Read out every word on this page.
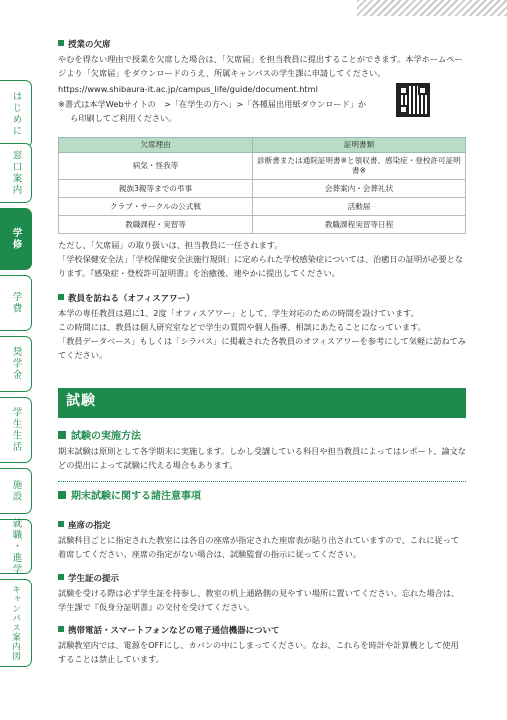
はじめに
窓口案内
学修
学費
奨学金
学生生活
施設
就職・進学
キャンパス案内図
授業の欠席

やむを得ない理由で授業を欠席した場合は、「欠席届」を担当教員に提出することができます。本学ホームページより「欠席届」をダウンロードのうえ、所属キャンパスの学生課に申請してください。

https://www.shibaura-it.ac.jp/campus_life/guide/document.html

※書式は本学Webサイトの　>「在学生の方へ」>「各種届出用紙ダウンロード」から印刷してご利用ください。

欠席理由	証明書類
病気・怪我等	診断書または通院証明書※と領収書、感染症・登校許可証明書※
親族3親等までの弔事	会葬案内・会葬礼状
クラブ・サークルの公式戦	活動届
教職課程・実習等	教職課程実習等日程

ただし、「欠席届」の取り扱いは、担当教員に一任されます。

「学校保健安全法」「学校保健安全法施行規則」に定められた学校感染症については、治癒日の証明が必要となります。『感染症・登校許可証明書』を治癒後、速やかに提出してください。

教員を訪ねる（オフィスアワー）

本学の専任教員は週に1、2度「オフィスアワー」として、学生対応のための時間を設けています。

この時間には、教員は個人研究室などで学生の質問や個人指導、相談にあたることになっています。

「教員データベース」もしくは「シラバス」に掲載された各教員のオフィスアワーを参考にして気軽に訪ねてみてください。

試験
試験の実施方法

期末試験は原則として各学期末に実施します。しかし受講している科目や担当教員によってはレポート、論文などの提出によって試験に代える場合もあります。

期末試験に関する諸注意事項
座席の指定

試験科目ごとに指定された教室には各自の座席が指定された座席表が貼り出されていますので、これに従って着席してください。座席の指定がない場合は、試験監督の指示に従ってください。

学生証の提示

試験を受ける際は必ず学生証を持参し、教室の机上通路側の見やすい場所に置いてください。忘れた場合は、学生課で『仮身分証明書』の交付を受けてください。

携帯電話・スマートフォンなどの電子通信機器について

試験教室内では、電源をOFFにし、カバンの中にしまってください。なお、これらを時計や計算機として使用することは禁止しています。
